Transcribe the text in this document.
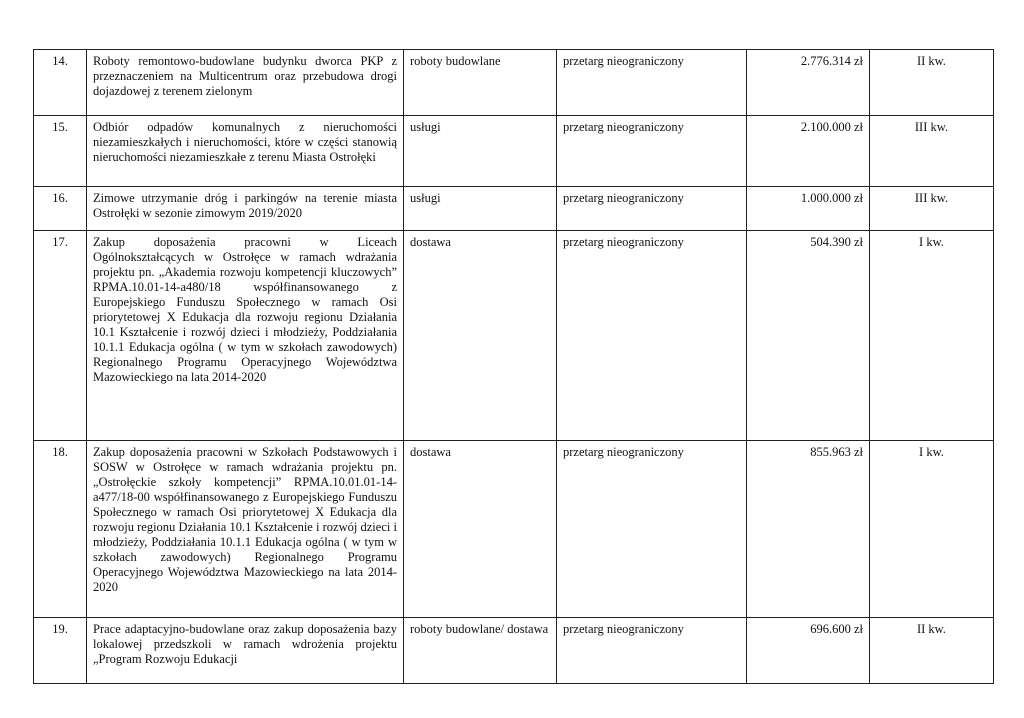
14.	Roboty remontowo-budowlane budynku dworca PKP z przeznaczeniem na Multicentrum oraz przebudowa drogi dojazdowej z terenem zielonym	roboty budowlane	przetarg nieograniczony	2.776.314 zł	II kw.
15.	Odbiór odpadów komunalnych z nieruchomości niezamieszkałych i nieruchomości, które w części stanowią nieruchomości niezamieszkałe z terenu Miasta Ostrołęki	usługi	przetarg nieograniczony	2.100.000 zł	III kw.
16.	Zimowe utrzymanie dróg i parkingów na terenie miasta Ostrołęki w sezonie zimowym 2019/2020	usługi	przetarg nieograniczony	1.000.000 zł	III kw.
17.	Zakup doposażenia pracowni w Liceach Ogólnokształcących w Ostrołęce w ramach wdrażania projektu pn. „Akademia rozwoju kompetencji kluczowych” RPMA.10.01-14-a480/18 współfinansowanego z Europejskiego Funduszu Społecznego w ramach Osi priorytetowej X Edukacja dla rozwoju regionu Działania 10.1 Kształcenie i rozwój dzieci i młodzieży, Poddziałania 10.1.1 Edukacja ogólna ( w tym w szkołach zawodowych) Regionalnego Programu Operacyjnego Województwa Mazowieckiego na lata 2014-2020	dostawa	przetarg nieograniczony	504.390 zł	I kw.
18.	Zakup doposażenia pracowni w Szkołach Podstawowych i SOSW w Ostrołęce w ramach wdrażania projektu pn. „Ostrołęckie szkoły kompetencji” RPMA.10.01.01-14-a477/18-00 współfinansowanego z Europejskiego Funduszu Społecznego w ramach Osi priorytetowej X Edukacja dla rozwoju regionu Działania 10.1 Kształcenie i rozwój dzieci i młodzieży, Poddziałania 10.1.1 Edukacja ogólna ( w tym w szkołach zawodowych) Regionalnego Programu Operacyjnego Województwa Mazowieckiego na lata 2014-2020	dostawa	przetarg nieograniczony	855.963 zł	I kw.
19.	Prace adaptacyjno-budowlane oraz zakup doposażenia bazy lokalowej przedszkoli w ramach wdrożenia projektu „Program Rozwoju Edukacji	roboty budowlane/ dostawa	przetarg nieograniczony	696.600 zł	II kw.
